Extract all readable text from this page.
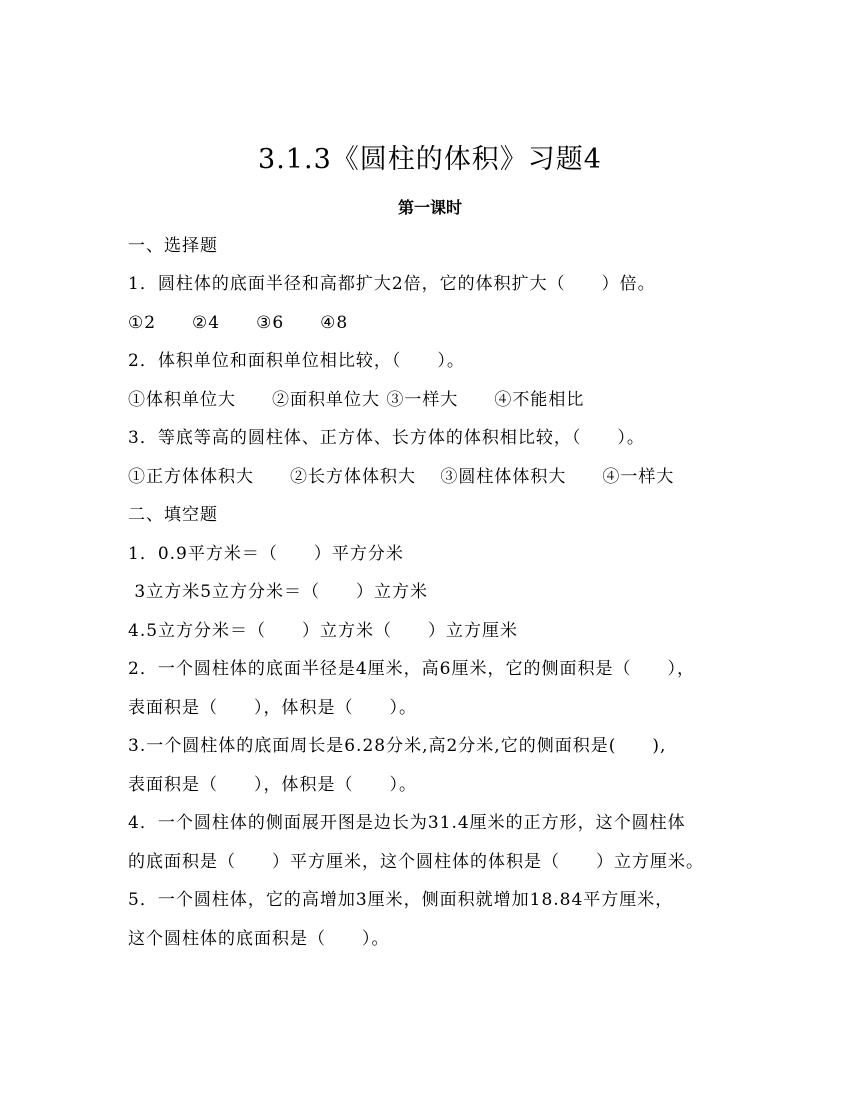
3.1.3《圆柱的体积》习题4
第一课时
一、选择题
1．圆柱体的底面半径和高都扩大2倍，它的体积扩大（　　）倍。
①2　　②4　　③6　　④8
2．体积单位和面积单位相比较，（　　）。
①体积单位大　　②面积单位大 ③一样大　　④不能相比
3．等底等高的圆柱体、正方体、长方体的体积相比较，（　　）。
①正方体体积大　　②长方体体积大　 ③圆柱体体积大　　④一样大
二、填空题
1．0.9平方米＝（　　）平方分米
3立方米5立方分米＝（　　）立方米
4.5立方分米＝（　　）立方米（　　）立方厘米
2．一个圆柱体的底面半径是4厘米，高6厘米，它的侧面积是（　　），
表面积是（　　），体积是（　　）。
3.一个圆柱体的底面周长是6.28分米,高2分米,它的侧面积是(　　),
表面积是（　　），体积是（　　）。
4．一个圆柱体的侧面展开图是边长为31.4厘米的正方形，这个圆柱体
的底面积是（　　）平方厘米，这个圆柱体的体积是（　　）立方厘米。
5．一个圆柱体，它的高增加3厘米，侧面积就增加18.84平方厘米，
这个圆柱体的底面积是（　　）。
